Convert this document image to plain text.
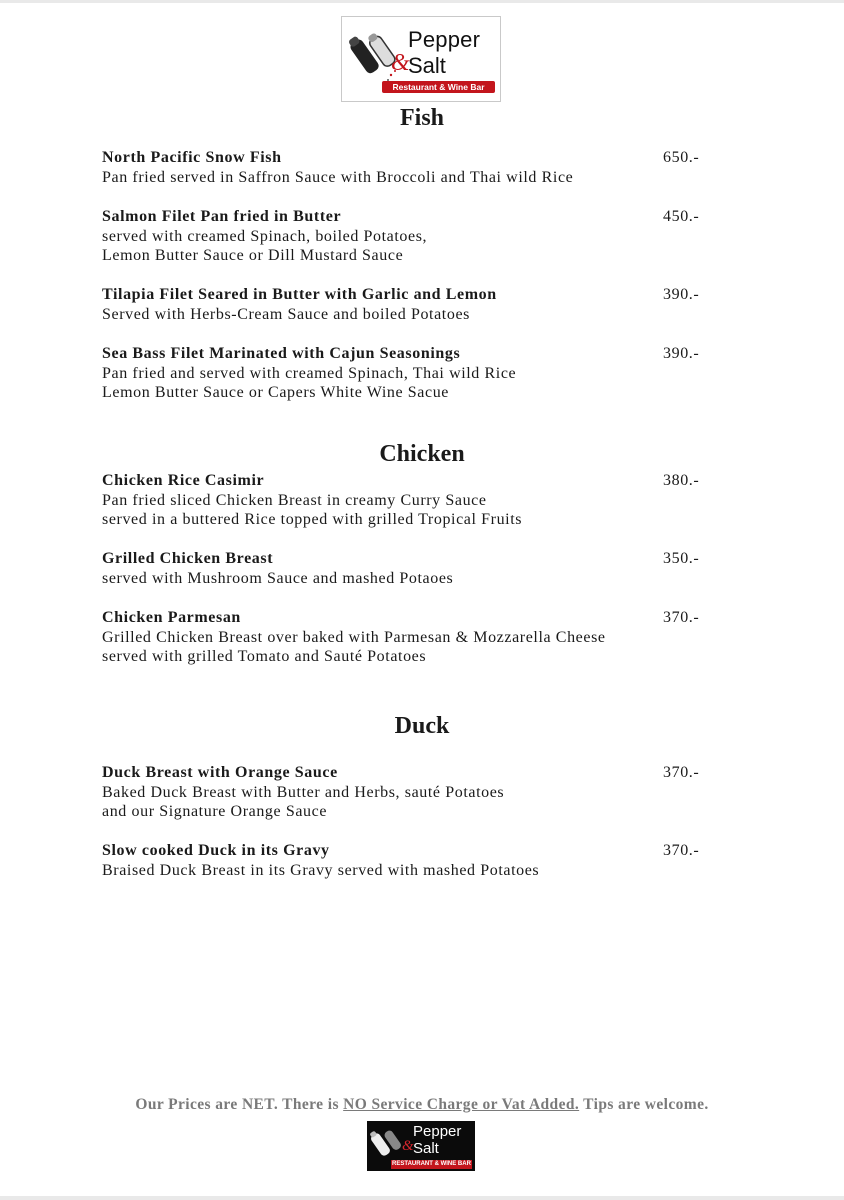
Pepper
&
Salt
Restaurant & Wine Bar
Fish
North Pacific Snow Fish	650.-
Pan fried served in Saffron Sauce with Broccoli and Thai wild Rice
Salmon Filet Pan fried in Butter	450.-
served with creamed Spinach, boiled Potatoes,
Lemon Butter Sauce or Dill Mustard Sauce
Tilapia Filet Seared in Butter with Garlic and Lemon	390.-
Served with Herbs-Cream Sauce and boiled Potatoes
Sea Bass Filet Marinated with Cajun Seasonings	390.-
Pan fried and served with creamed Spinach, Thai wild Rice
Lemon Butter Sauce or Capers White Wine Sacue
Chicken
Chicken Rice Casimir	380.-
Pan fried sliced Chicken Breast in creamy Curry Sauce
served in a buttered Rice topped with grilled Tropical Fruits
Grilled Chicken Breast	350.-
served with Mushroom Sauce and mashed Potaoes
Chicken Parmesan	370.-
Grilled Chicken Breast over baked with Parmesan & Mozzarella Cheese
served with grilled Tomato and Sauté Potatoes
Duck
Duck Breast with Orange Sauce	370.-
Baked Duck Breast with Butter and Herbs, sauté Potatoes
and our Signature Orange Sauce
Slow cooked Duck in its Gravy	370.-
Braised Duck Breast in its Gravy served with mashed Potatoes
Our Prices are NET. There is NO Service Charge or Vat Added. Tips are welcome.
Pepper
& Salt
RESTAURANT & WINE BAR
